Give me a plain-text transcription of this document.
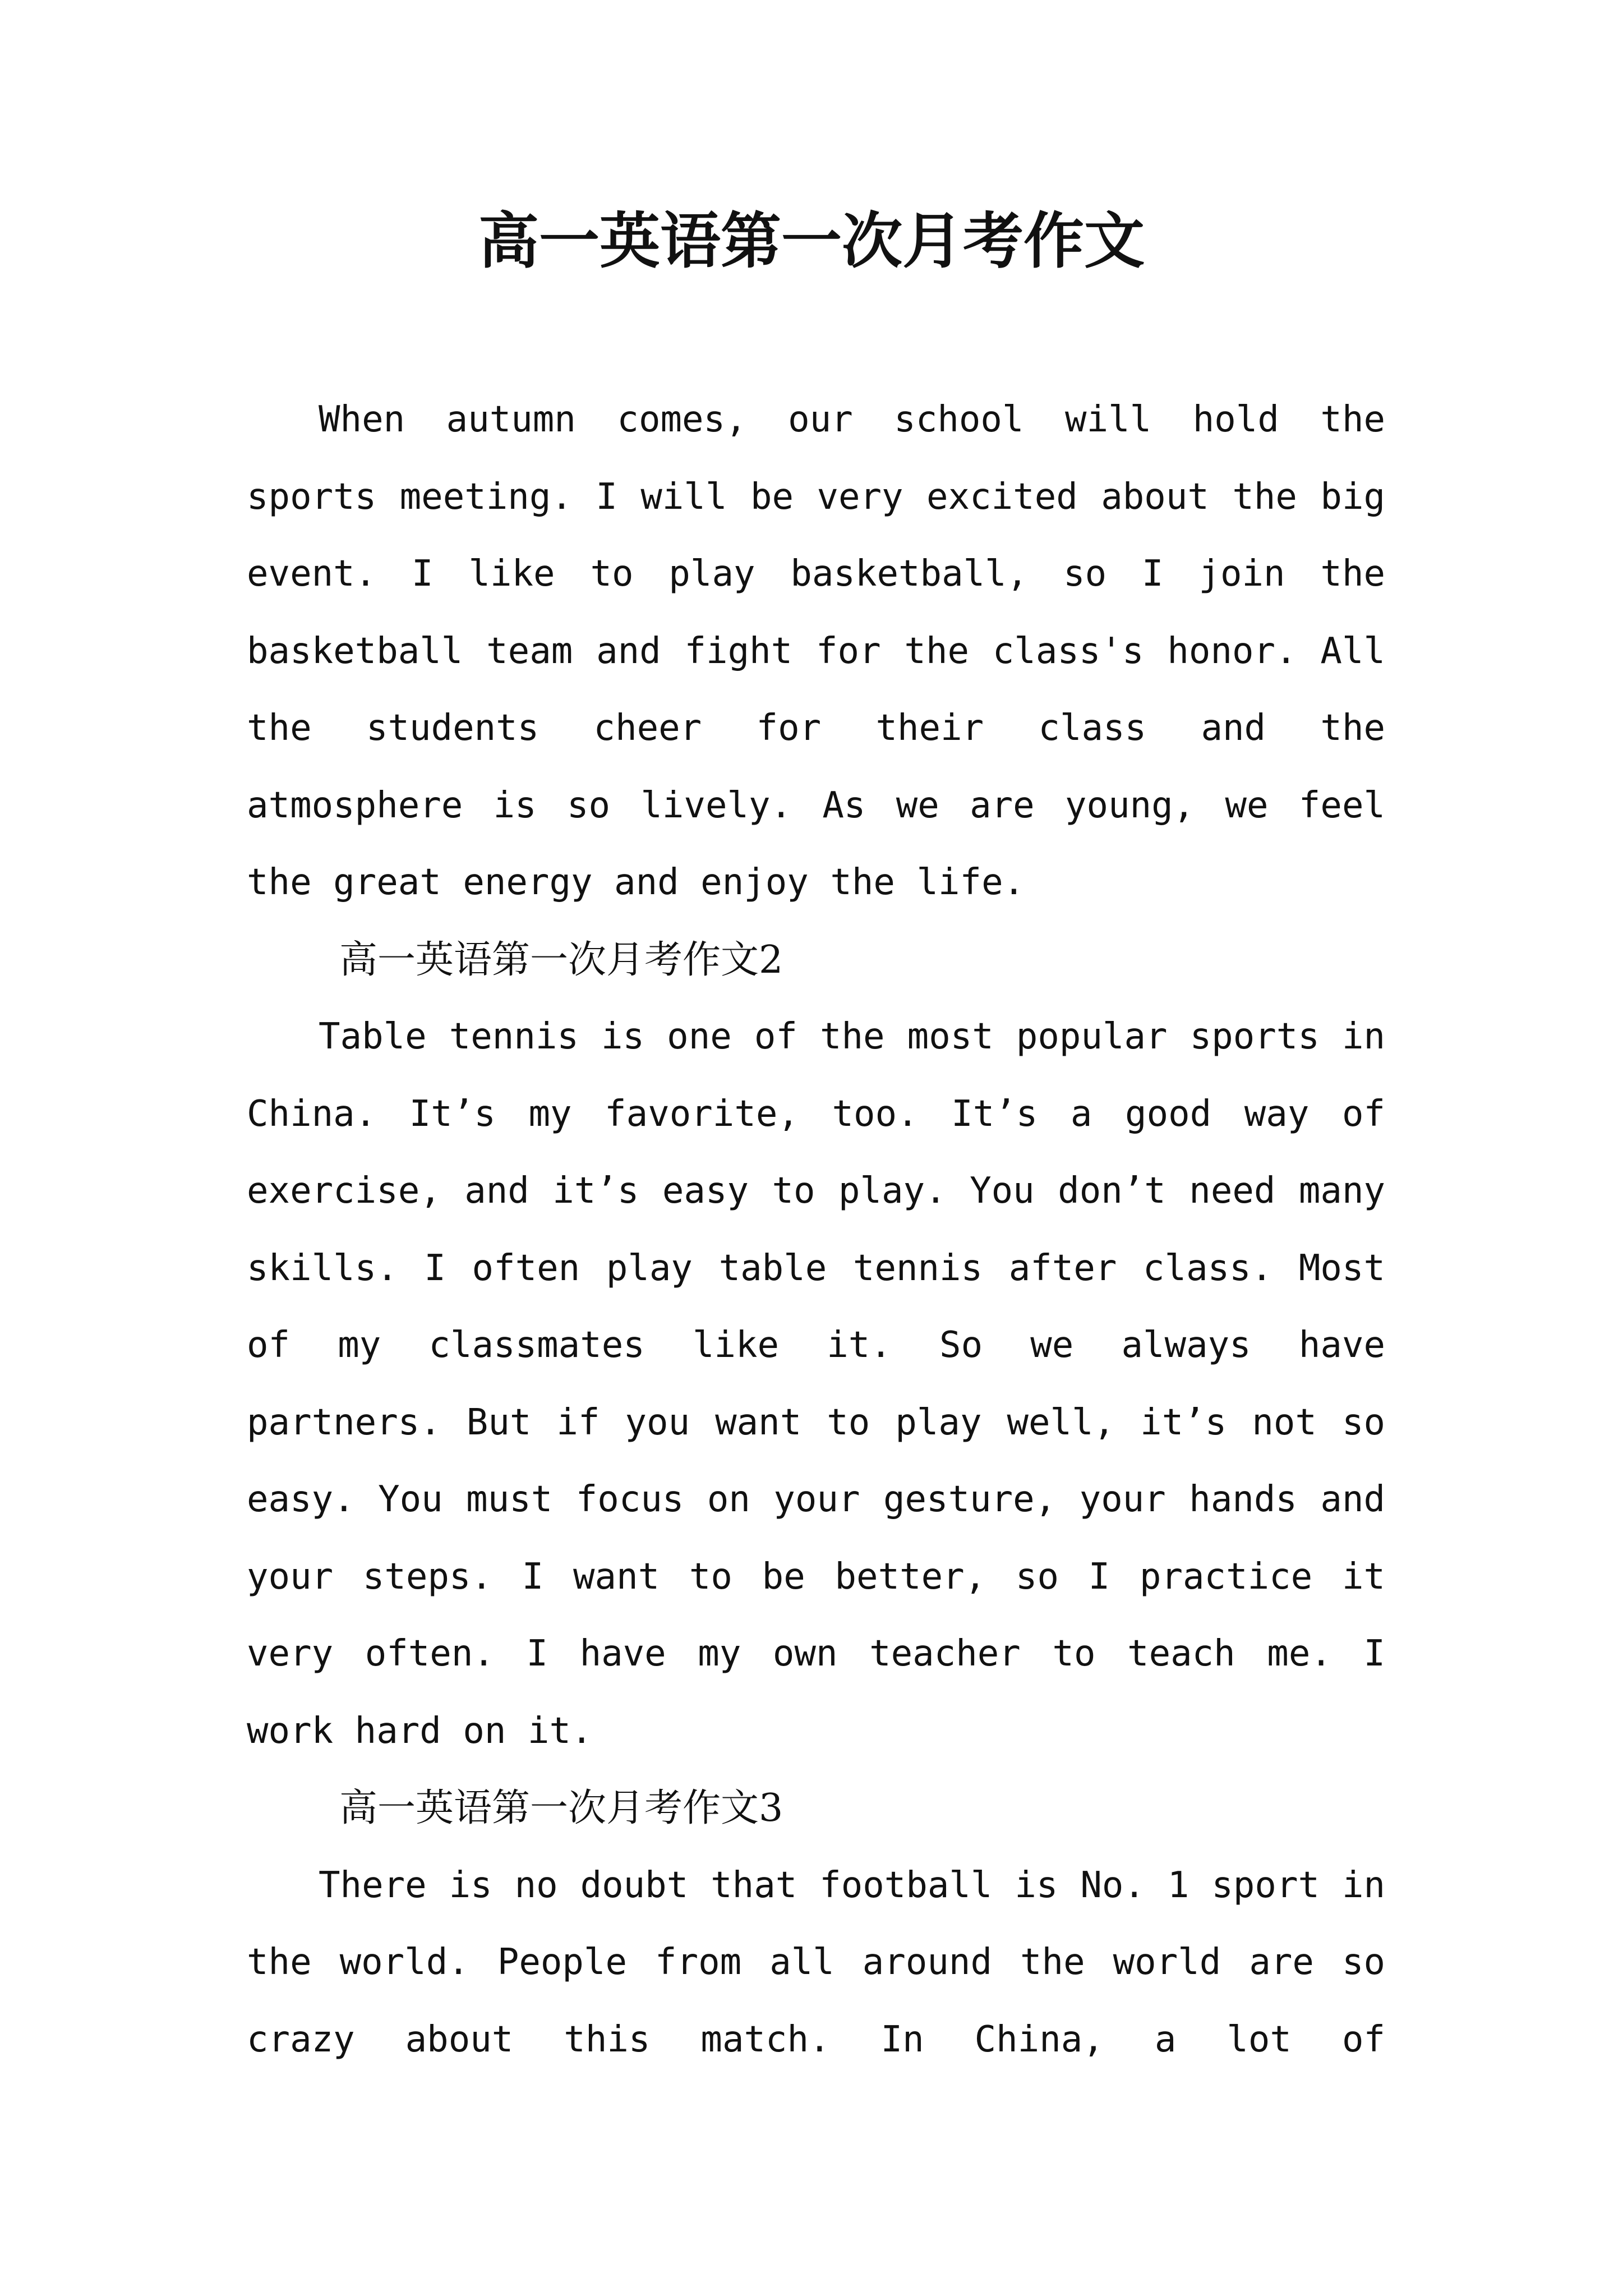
高一英语第一次月考作文

When autumn comes, our school will hold the sports meeting. I will be very excited about the big event. I like to play basketball, so I join the basketball team and fight for the class's honor. All the students cheer for their class and the atmosphere is so lively. As we are young, we feel the great energy and enjoy the life.

高一英语第一次月考作文2

Table tennis is one of the most popular sports in China. It’s my favorite, too. It’s a good way of exercise, and it’s easy to play. You don’t need many skills. I often play table tennis after class. Most of my classmates like it. So we always have partners. But if you want to play well, it’s not so easy. You must focus on your gesture, your hands and your steps. I want to be better, so I practice it very often. I have my own teacher to teach me. I work hard on it.

高一英语第一次月考作文3

There is no doubt that football is No. 1 sport in the world. People from all around the world are so crazy about this match. In China, a lot of
